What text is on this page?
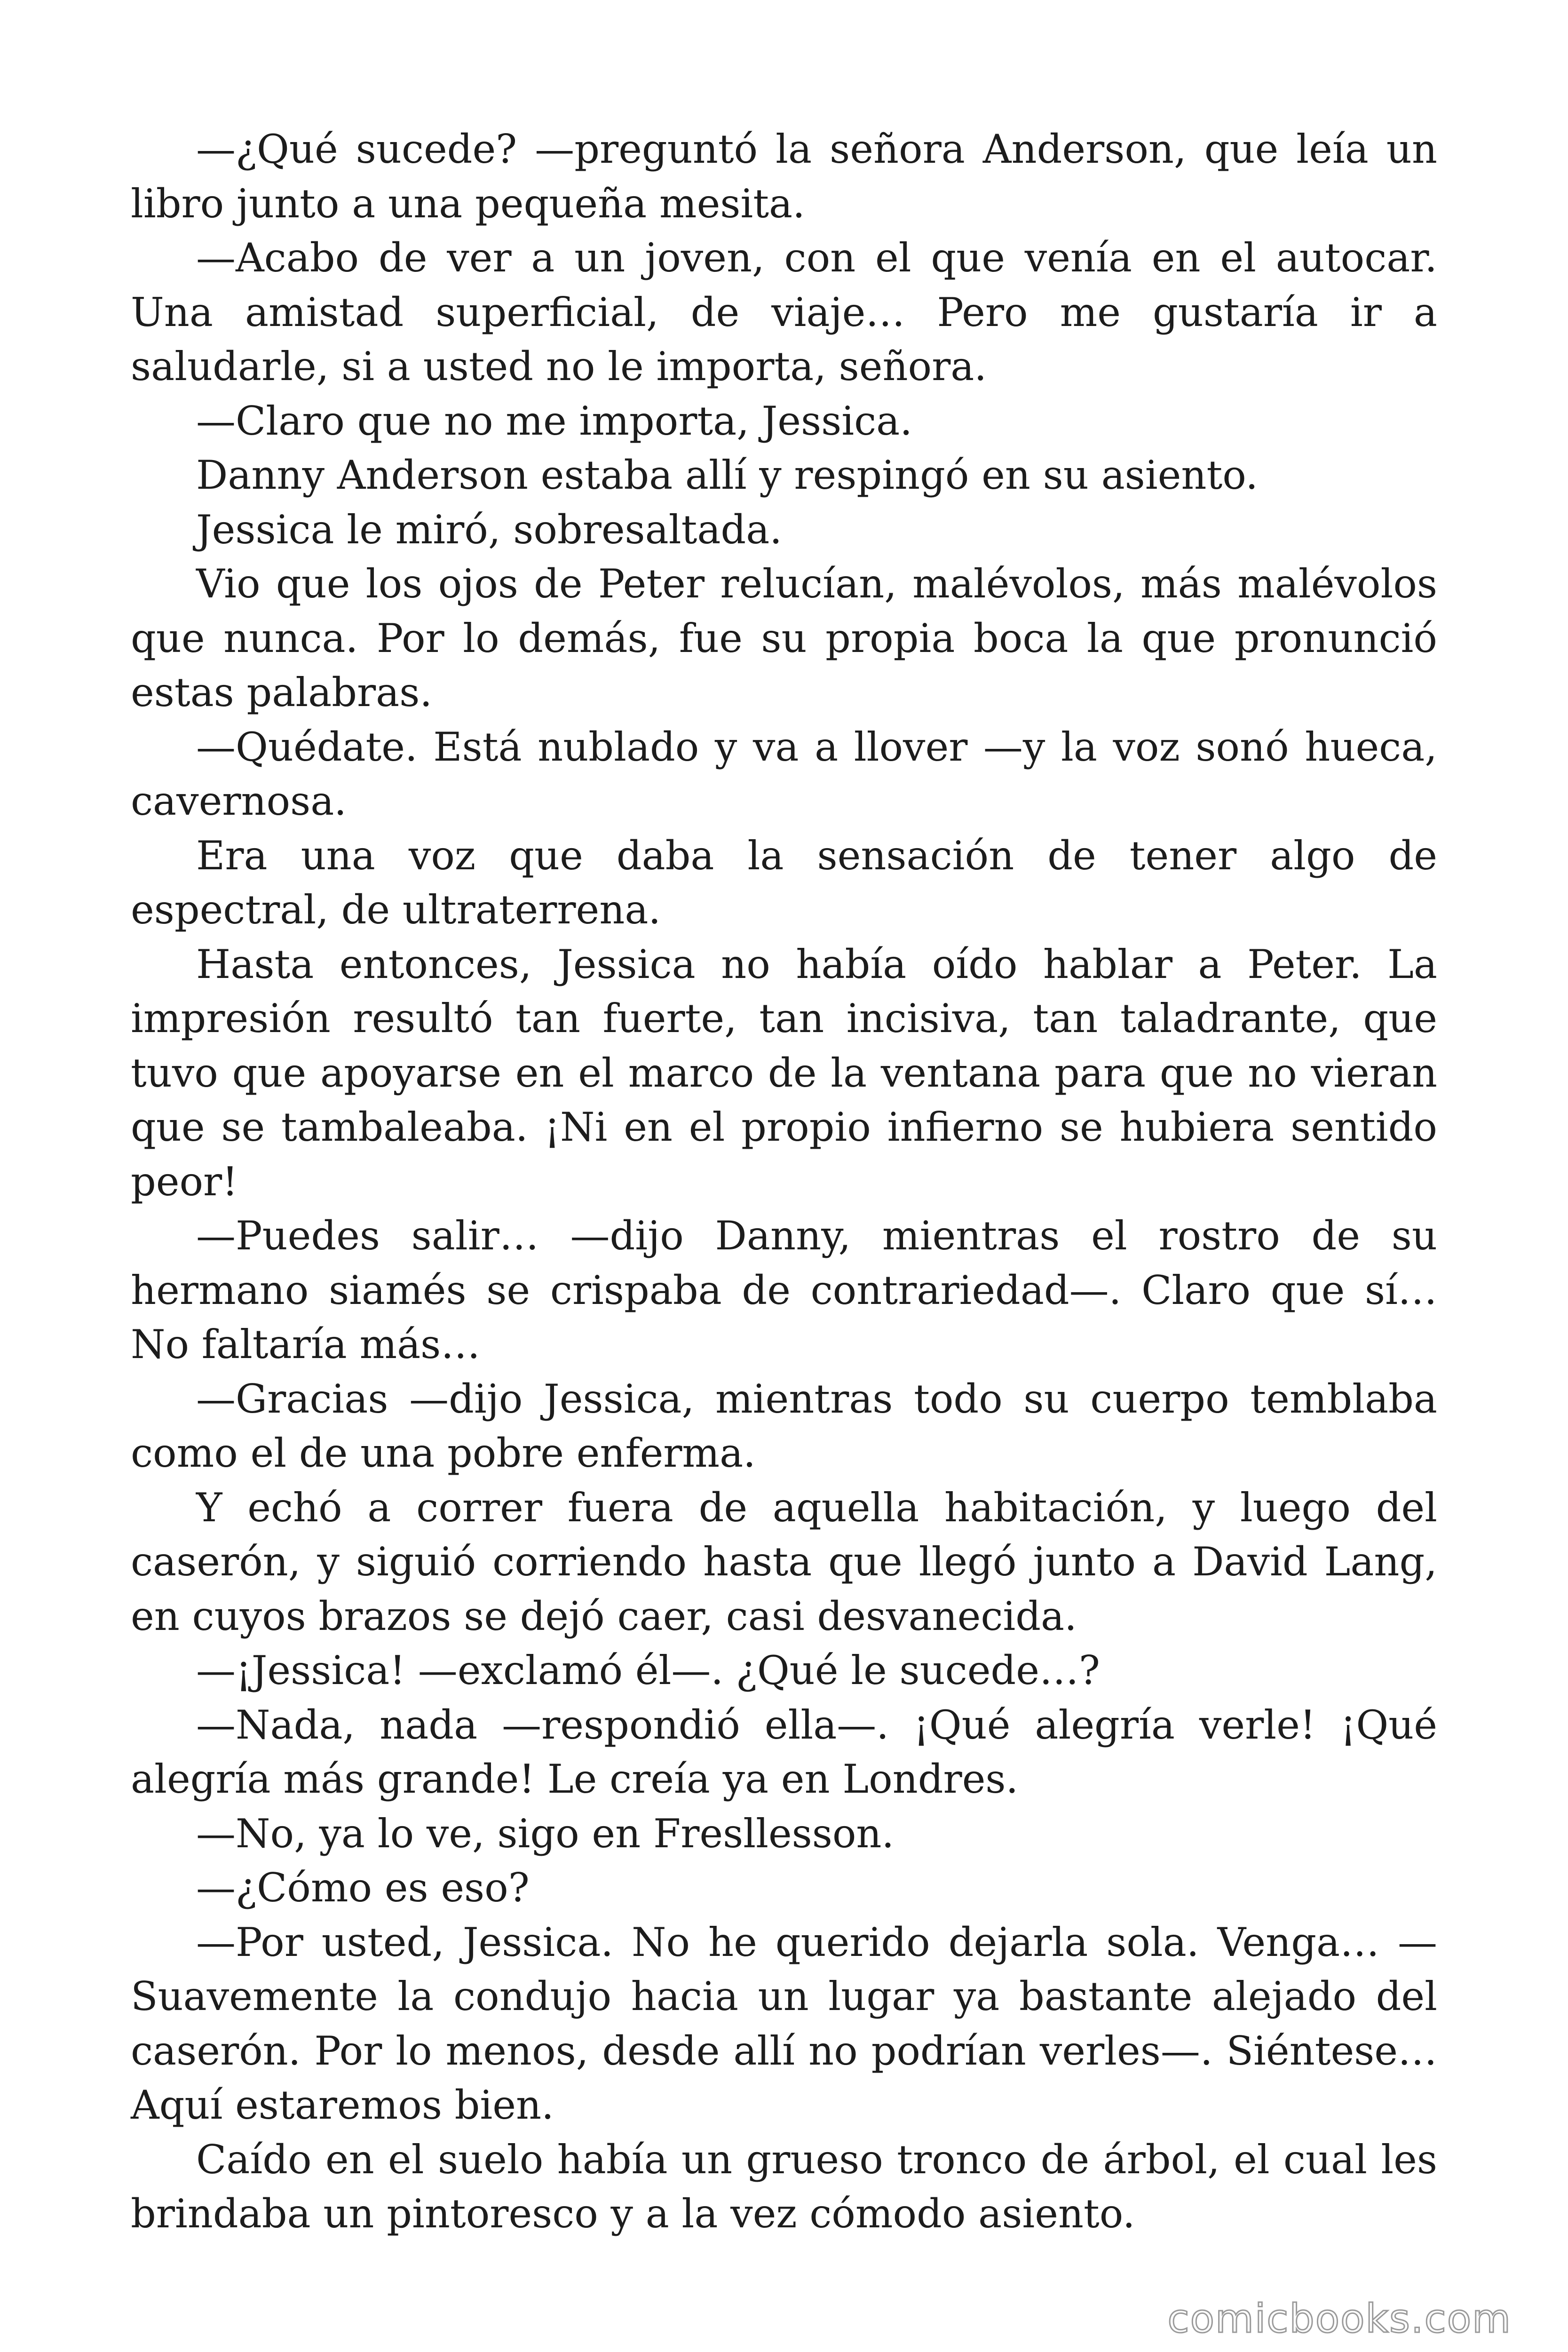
—¿Qué sucede? —preguntó la señora Anderson, que leía un libro junto a una pequeña mesita.

—Acabo de ver a un joven, con el que venía en el autocar. Una amistad superficial, de viaje… Pero me gustaría ir a saludarle, si a usted no le importa, señora.

—Claro que no me importa, Jessica.

Danny Anderson estaba allí y respingó en su asiento.

Jessica le miró, sobresaltada.

Vio que los ojos de Peter relucían, malévolos, más malévolos que nunca. Por lo demás, fue su propia boca la que pronunció estas palabras.

—Quédate. Está nublado y va a llover —y la voz sonó hueca, cavernosa.

Era una voz que daba la sensación de tener algo de espectral, de ultraterrena.

Hasta entonces, Jessica no había oído hablar a Peter. La impresión resultó tan fuerte, tan incisiva, tan taladrante, que tuvo que apoyarse en el marco de la ventana para que no vieran que se tambaleaba. ¡Ni en el propio infierno se hubiera sentido peor!

—Puedes salir… —dijo Danny, mientras el rostro de su hermano siamés se crispaba de contrariedad—. Claro que sí… No faltaría más…

—Gracias —dijo Jessica, mientras todo su cuerpo temblaba como el de una pobre enferma.

Y echó a correr fuera de aquella habitación, y luego del caserón, y siguió corriendo hasta que llegó junto a David Lang, en cuyos brazos se dejó caer, casi desvanecida.

—¡Jessica! —exclamó él—. ¿Qué le sucede…?

—Nada, nada —respondió ella—. ¡Qué alegría verle! ¡Qué alegría más grande! Le creía ya en Londres.

—No, ya lo ve, sigo en Fresllesson.

—¿Cómo es eso?

—Por usted, Jessica. No he querido dejarla sola. Venga… —Suavemente la condujo hacia un lugar ya bastante alejado del caserón. Por lo menos, desde allí no podrían verles—. Siéntese… Aquí estaremos bien.

Caído en el suelo había un grueso tronco de árbol, el cual les brindaba un pintoresco y a la vez cómodo asiento.

comicbooks.com
